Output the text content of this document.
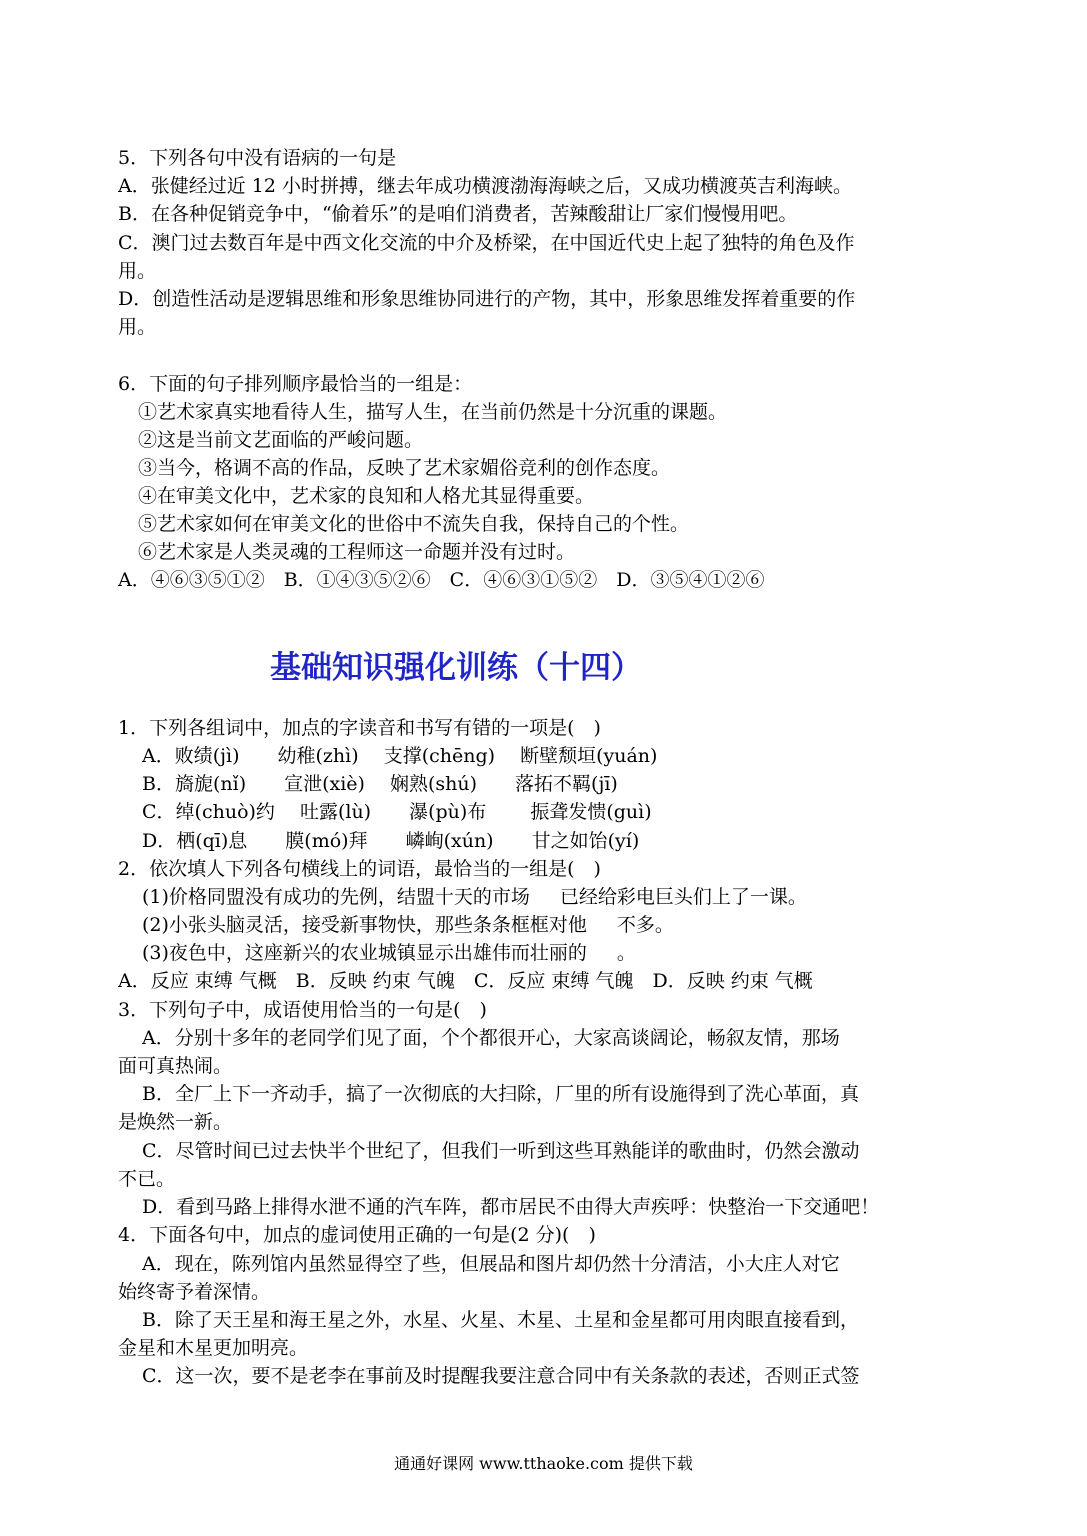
5．下列各句中没有语病的一句是
A．张健经过近 12 小时拼搏，继去年成功横渡渤海海峡之后，又成功横渡英吉利海峡。
B．在各种促销竞争中，“偷着乐”的是咱们消费者，苦辣酸甜让厂家们慢慢用吧。
C．澳门过去数百年是中西文化交流的中介及桥梁，在中国近代史上起了独特的角色及作
用。
D．创造性活动是逻辑思维和形象思维协同进行的产物，其中，形象思维发挥着重要的作
用。
6．下面的句子排列顺序最恰当的一组是：
①艺术家真实地看待人生，描写人生，在当前仍然是十分沉重的课题。
②这是当前文艺面临的严峻问题。
③当今，格调不高的作品，反映了艺术家媚俗竞利的创作态度。
④在审美文化中，艺术家的良知和人格尤其显得重要。
⑤艺术家如何在审美文化的世俗中不流失自我，保持自己的个性。
⑥艺术家是人类灵魂的工程师这一命题并没有过时。
A．④⑥③⑤①②　B．①④③⑤②⑥　C．④⑥③①⑤②　D．③⑤④①②⑥
基础知识强化训练（十四）
1．下列各组词中，加点的字读音和书写有错的一项是(　)
A．败绩(jì)　　幼稚(zhì)　 支撑(chēng)　 断壁颓垣(yuán)
B．旖旎(nǐ)　　宣泄(xiè)　 娴熟(shú)　　落拓不羁(jī)
C．绰(chuò)约　 吐露(lù)　　瀑(pù)布　　 振聋发愦(guì)
D．栖(qī)息　　膜(mó)拜　　嶙峋(xún)　　甘之如饴(yí)
2．依次填人下列各句横线上的词语，最恰当的一组是(　)
(1)价格同盟没有成功的先例，结盟十天的市场 已经给彩电巨头们上了一课。
(2)小张头脑灵活，接受新事物快，那些条条框框对他 不多。
(3)夜色中，这座新兴的农业城镇显示出雄伟而壮丽的 。
A．反应 束缚 气概　B．反映 约束 气魄　C．反应 束缚 气魄　D．反映 约束 气概
3．下列句子中，成语使用恰当的一句是(　)
A．分别十多年的老同学们见了面，个个都很开心，大家高谈阔论，畅叙友情，那场
面可真热闹。
B．全厂上下一齐动手，搞了一次彻底的大扫除，厂里的所有设施得到了洗心革面，真
是焕然一新。
C．尽管时间已过去快半个世纪了，但我们一听到这些耳熟能详的歌曲时，仍然会激动
不已。
D．看到马路上排得水泄不通的汽车阵，都市居民不由得大声疾呼：快整治一下交通吧！
4．下面各句中，加点的虚词使用正确的一句是(2 分)(　)
A．现在，陈列馆内虽然显得空了些，但展品和图片却仍然十分清洁，小大庄人对它
始终寄予着深情。
B．除了天王星和海王星之外，水星、火星、木星、土星和金星都可用肉眼直接看到，
金星和木星更加明亮。
C．这一次，要不是老李在事前及时提醒我要注意合同中有关条款的表述，否则正式签
通通好课网 www.tthaoke.com 提供下载
